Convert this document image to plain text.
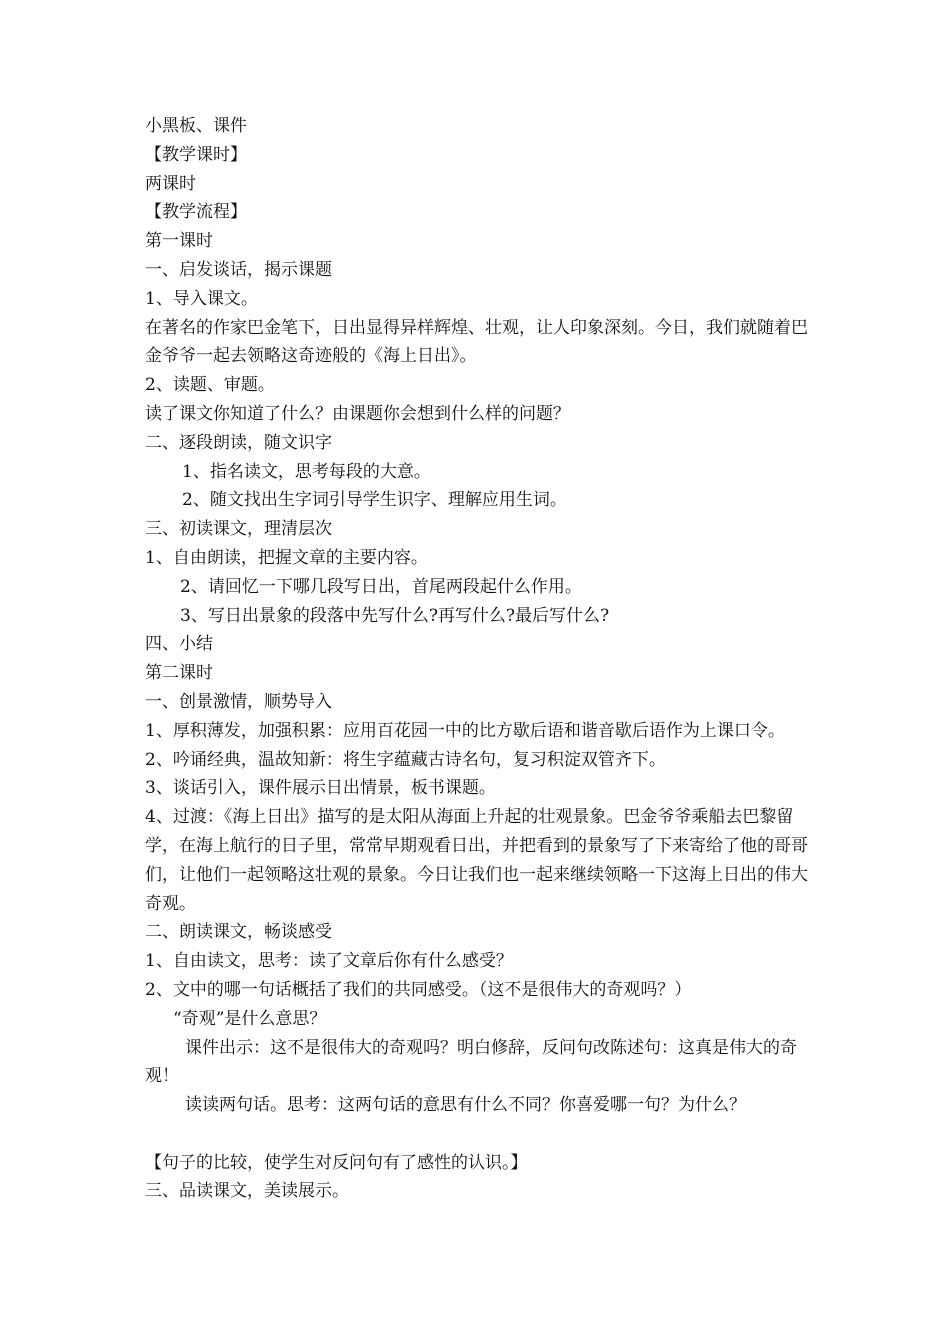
小黑板、课件

【教学课时】

两课时

【教学流程】

第一课时

一、启发谈话，揭示课题

1、导入课文。

在著名的作家巴金笔下，日出显得异样辉煌、壮观，让人印象深刻。今日，我们就随着巴金爷爷一起去领略这奇迹般的《海上日出》。

2、读题、审题。

读了课文你知道了什么？由课题你会想到什么样的问题？

二、逐段朗读，随文识字

1、指名读文，思考每段的大意。

2、随文找出生字词引导学生识字、理解应用生词。

三、初读课文，理清层次

1、自由朗读，把握文章的主要内容。

2、请回忆一下哪几段写日出，首尾两段起什么作用。

3、写日出景象的段落中先写什么?再写什么?最后写什么?

四、小结

第二课时

一、创景激情，顺势导入

1、厚积薄发，加强积累：应用百花园一中的比方歇后语和谐音歇后语作为上课口令。

2、吟诵经典，温故知新：将生字蕴藏古诗名句，复习积淀双管齐下。

3、谈话引入，课件展示日出情景，板书课题。

4、过渡：《海上日出》描写的是太阳从海面上升起的壮观景象。巴金爷爷乘船去巴黎留学，在海上航行的日子里，常常早期观看日出，并把看到的景象写了下来寄给了他的哥哥们，让他们一起领略这壮观的景象。今日让我们也一起来继续领略一下这海上日出的伟大奇观。

二、朗读课文，畅谈感受

1、自由读文，思考：读了文章后你有什么感受？

2、文中的哪一句话概括了我们的共同感受。（这不是很伟大的奇观吗？）

“奇观”是什么意思？

课件出示：这不是很伟大的奇观吗？明白修辞，反问句改陈述句：这真是伟大的奇观！

读读两句话。思考：这两句话的意思有什么不同？你喜爱哪一句？为什么？

【句子的比较，使学生对反问句有了感性的认识。】

三、品读课文，美读展示。
